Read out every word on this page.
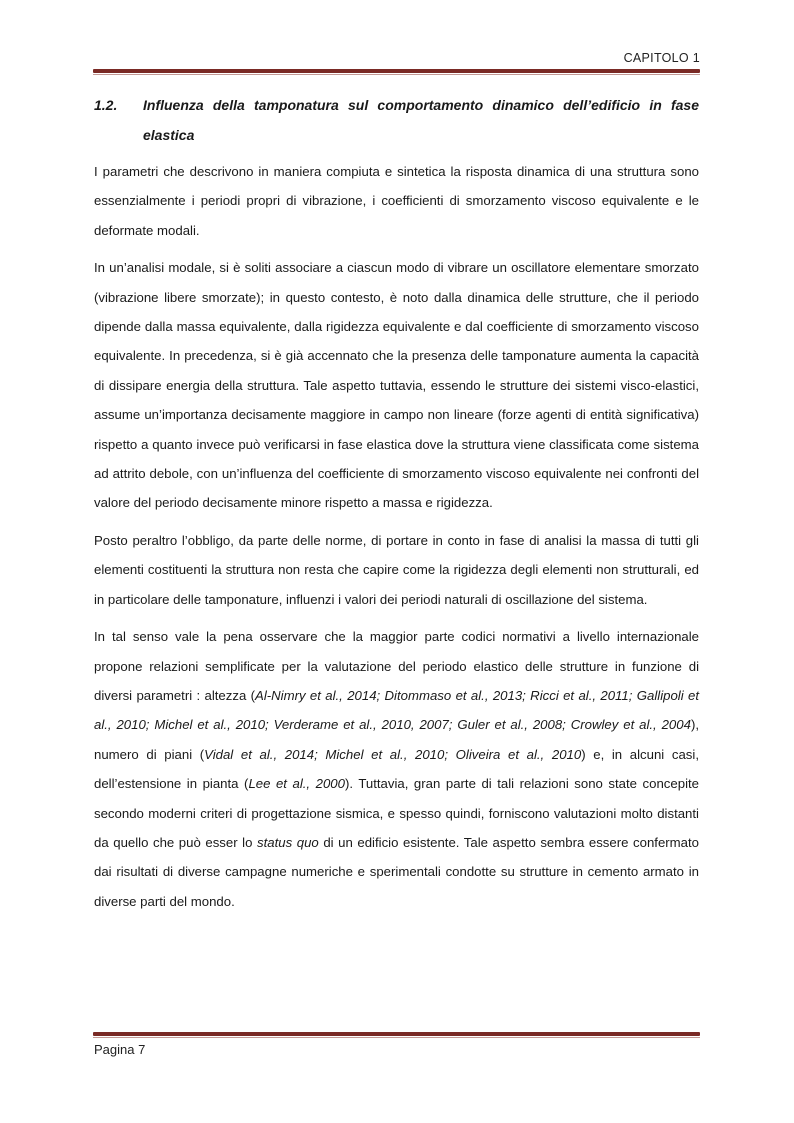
CAPITOLO 1
1.2.	Influenza della tamponatura sul comportamento dinamico dell’edificio in fase elastica

I parametri che descrivono in maniera compiuta e sintetica la risposta dinamica di una struttura sono essenzialmente i periodi propri di vibrazione, i coefficienti di smorzamento viscoso equivalente e le deformate modali.

In un’analisi modale, si è soliti associare a ciascun modo di vibrare un oscillatore elementare smorzato (vibrazione libere smorzate); in questo contesto, è noto dalla dinamica delle strutture, che il periodo dipende dalla massa equivalente, dalla rigidezza equivalente e dal coefficiente di smorzamento viscoso equivalente. In precedenza, si è già accennato che la presenza delle tamponature aumenta la capacità di dissipare energia della struttura. Tale aspetto tuttavia, essendo le strutture dei sistemi visco-elastici, assume un’importanza decisamente maggiore in campo non lineare (forze agenti di entità significativa) rispetto a quanto invece può verificarsi in fase elastica dove la struttura viene classificata come sistema ad attrito debole, con un’influenza del coefficiente di smorzamento viscoso equivalente nei confronti del valore del periodo decisamente minore rispetto a massa e rigidezza.

Posto peraltro l’obbligo, da parte delle norme, di portare in conto in fase di analisi la massa di tutti gli elementi costituenti la struttura non resta che capire come la rigidezza degli elementi non strutturali, ed in particolare delle tamponature, influenzi i valori dei periodi naturali di oscillazione del sistema.

In tal senso vale la pena osservare che la maggior parte codici normativi a livello internazionale propone relazioni semplificate per la valutazione del periodo elastico delle strutture in funzione di diversi parametri : altezza (Al-Nimry et al., 2014; Ditommaso et al., 2013; Ricci et al., 2011; Gallipoli et al., 2010; Michel et al., 2010; Verderame et al., 2010, 2007; Guler et al., 2008; Crowley et al., 2004), numero di piani (Vidal et al., 2014; Michel et al., 2010; Oliveira et al., 2010) e, in alcuni casi, dell’estensione in pianta (Lee et al., 2000). Tuttavia, gran parte di tali relazioni sono state concepite secondo moderni criteri di progettazione sismica, e spesso quindi, forniscono valutazioni molto distanti da quello che può esser lo status quo di un edificio esistente. Tale aspetto sembra essere confermato dai risultati di diverse campagne numeriche e sperimentali condotte su strutture in cemento armato in diverse parti del mondo.

Pagina 7
